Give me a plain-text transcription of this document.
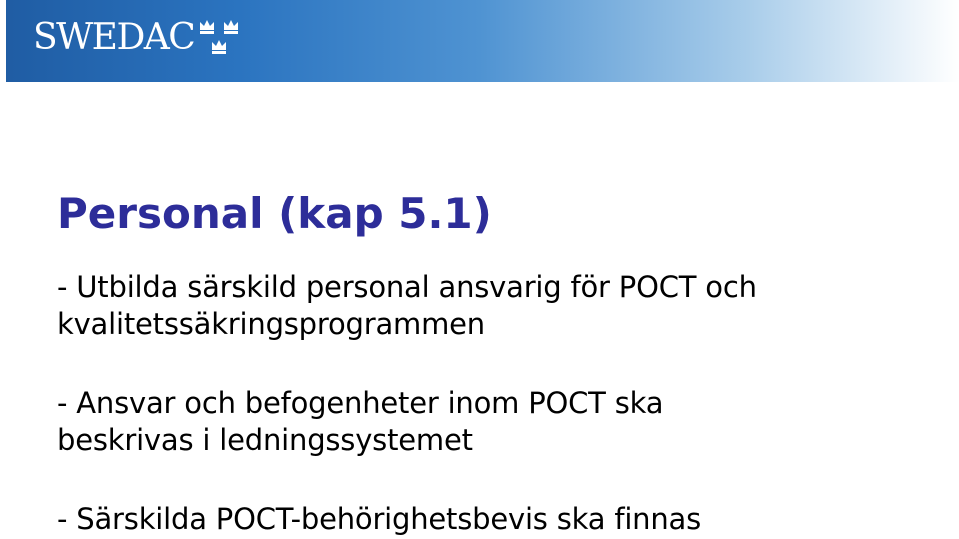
SWEDAC
Personal (kap 5.1)
- Utbilda särskild personal ansvarig för POCT och
kvalitetssäkringsprogrammen
- Ansvar och befogenheter inom POCT ska
beskrivas i ledningssystemet
- Särskilda POCT-behörighetsbevis ska finnas
